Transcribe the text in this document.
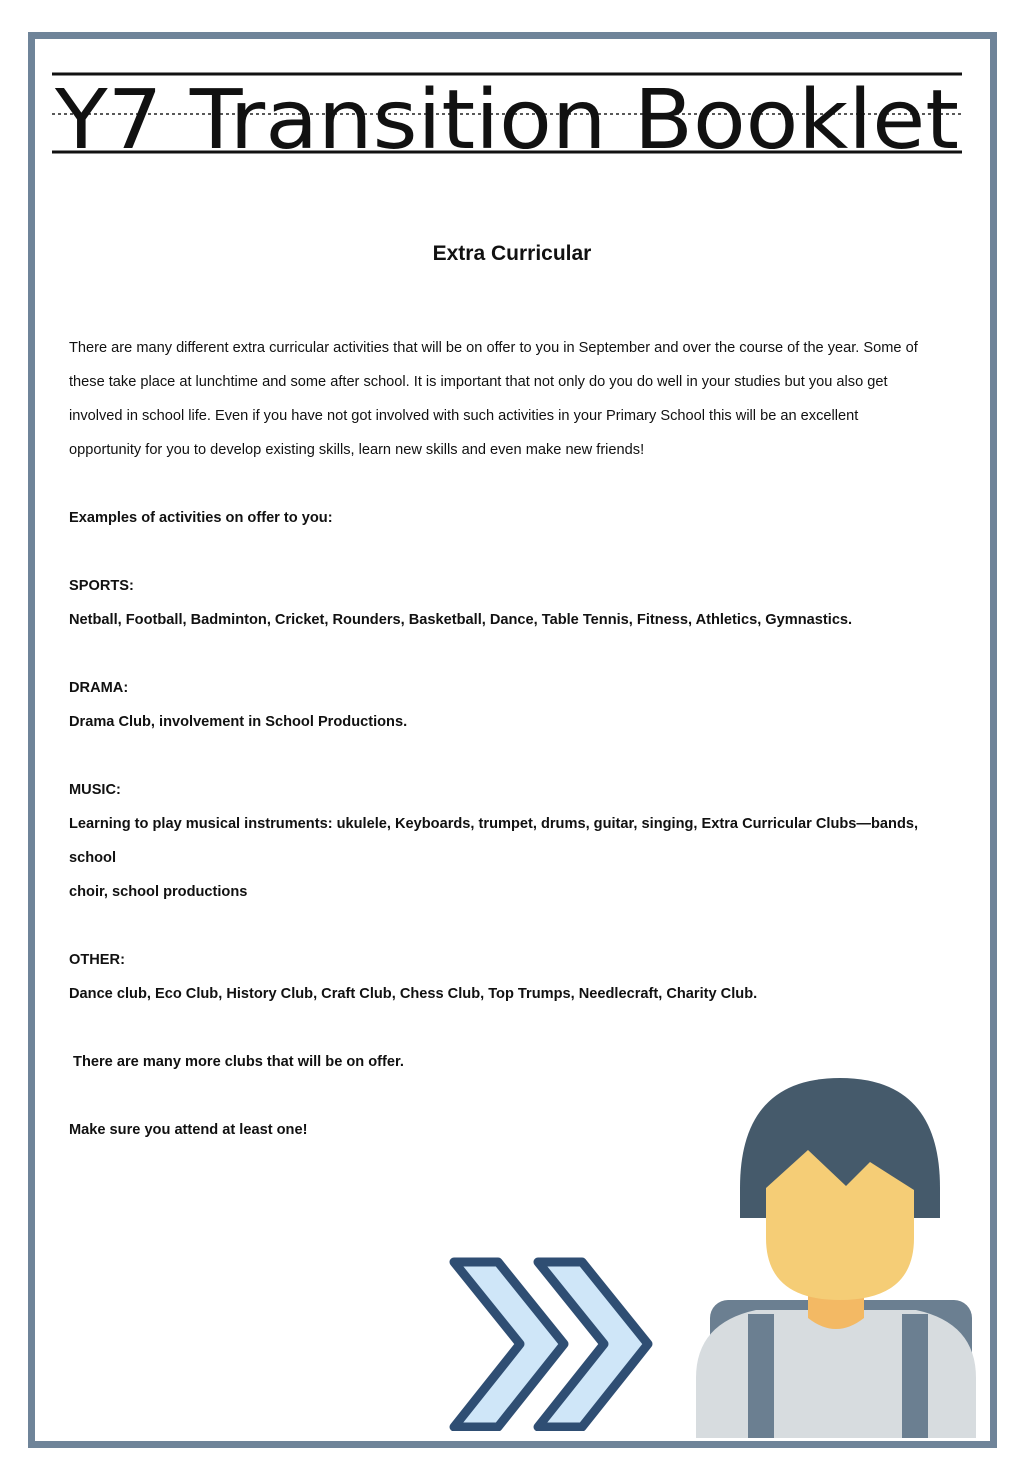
Y7 Transition Booklet
Extra Curricular

There are many different extra curricular activities that will be on offer to you in September and over the course of the year. Some of

these take place at lunchtime and some after school. It is important that not only do you do well in your studies but you also get

involved in school life. Even if you have not got involved with such activities in your Primary School this will be an excellent

opportunity for you to develop existing skills, learn new skills and even make new friends!

Examples of activities on offer to you:

SPORTS:

Netball, Football, Badminton, Cricket, Rounders, Basketball, Dance, Table Tennis, Fitness, Athletics, Gymnastics.

DRAMA:

Drama Club, involvement in School Productions.

MUSIC:

Learning to play musical instruments: ukulele, Keyboards, trumpet, drums, guitar, singing, Extra Curricular Clubs—bands, school

choir, school productions

OTHER:

Dance club, Eco Club, History Club, Craft Club, Chess Club, Top Trumps, Needlecraft, Charity Club.

There are many more clubs that will be on offer.

Make sure you attend at least one!
